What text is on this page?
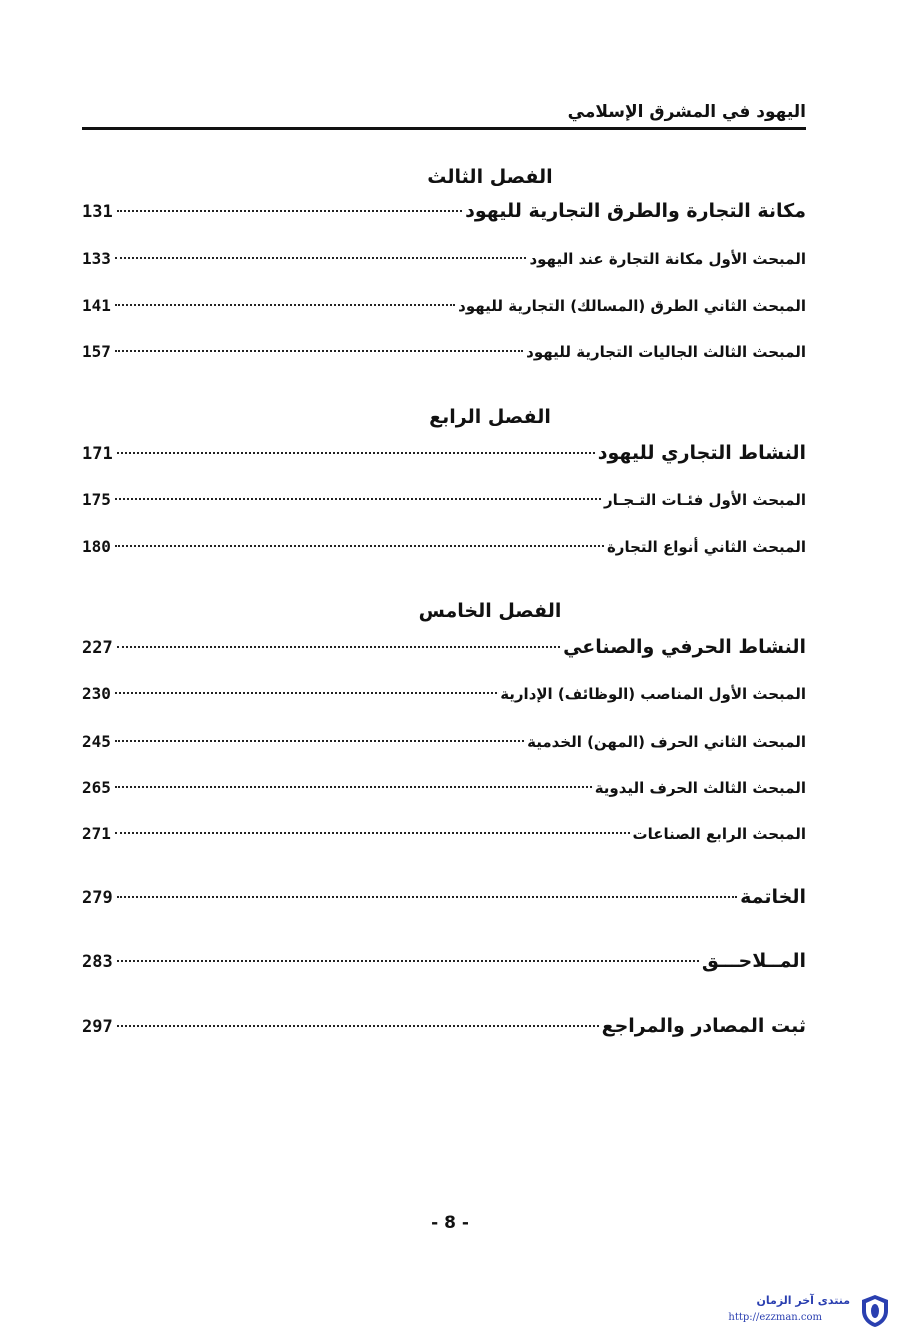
اليهود في المشرق الإسلامي
الفصل الثالث
مكانة التجارة والطرق التجارية لليهود
131
المبحث الأول مكانة التجارة عند اليهود
133
المبحث الثاني الطرق (المسالك) التجارية لليهود
141
المبحث الثالث الجاليات التجارية لليهود
157
الفصل الرابع
النشاط التجاري لليهود
171
المبحث الأول فئـات التـجـار
175
المبحث الثاني أنواع التجارة
180
الفصل الخامس
النشاط الحرفي والصناعي
227
المبحث الأول المناصب (الوظائف) الإدارية
230
المبحث الثاني الحرف (المهن) الخدمية
245
المبحث الثالث الحرف اليدوية
265
المبحث الرابع الصناعات
271
الخاتمة
279
المــلاحـــق
283
ثبت المصادر والمراجع
297
- 8 -
منتدى آخر الزمان
http://ezzman.com
